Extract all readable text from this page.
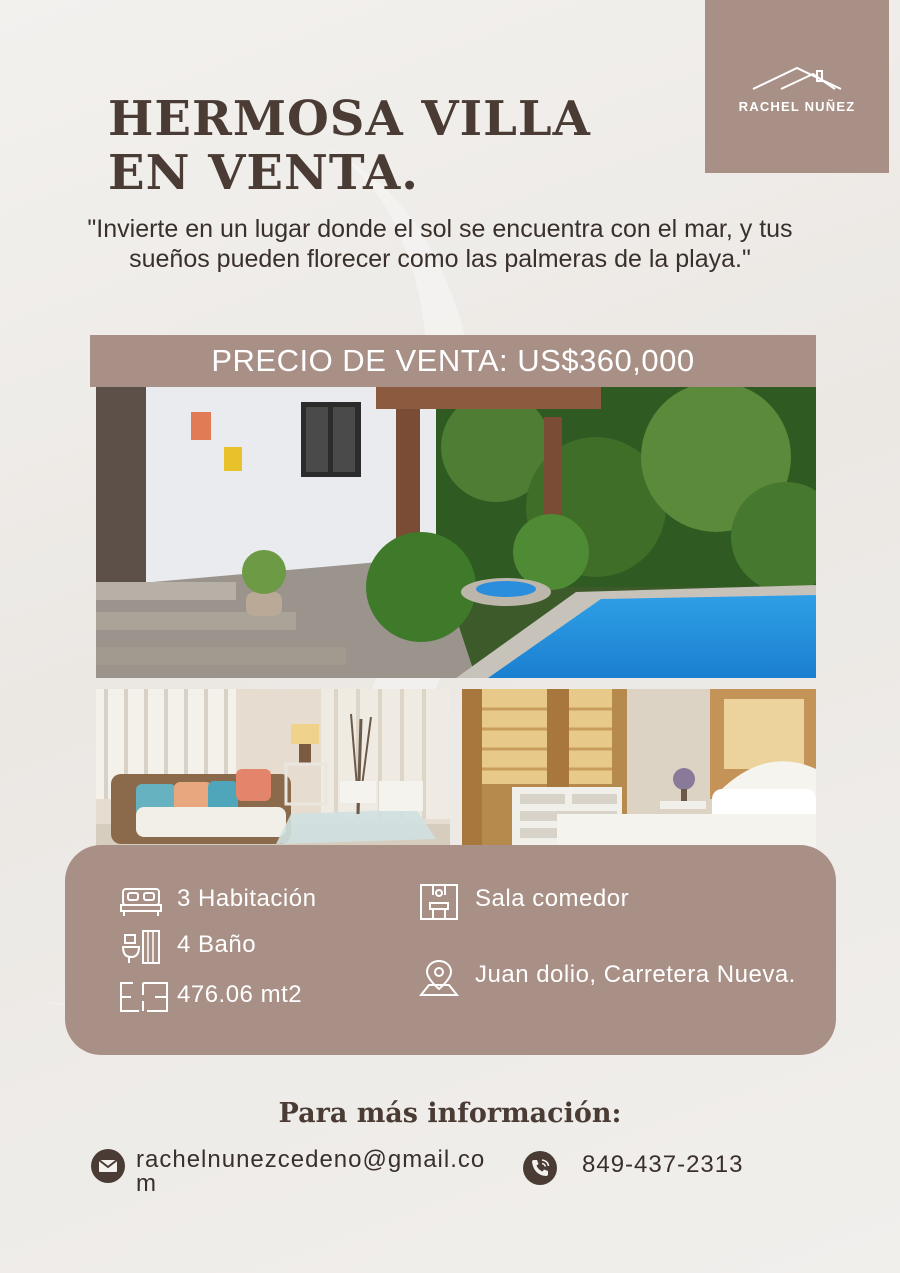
RACHEL NUÑEZ
HERMOSA VILLA
EN VENTA.

"Invierte en un lugar donde el sol se encuentra con el mar, y tus sueños pueden florecer como las palmeras de la playa."

PRECIO DE VENTA: US$360,000
3 Habitación
4 Baño
476.06 mt2
Sala comedor
Juan dolio, Carretera Nueva.
Para más información:
rachelnunezcedeno@gmail.com
849-437-2313
